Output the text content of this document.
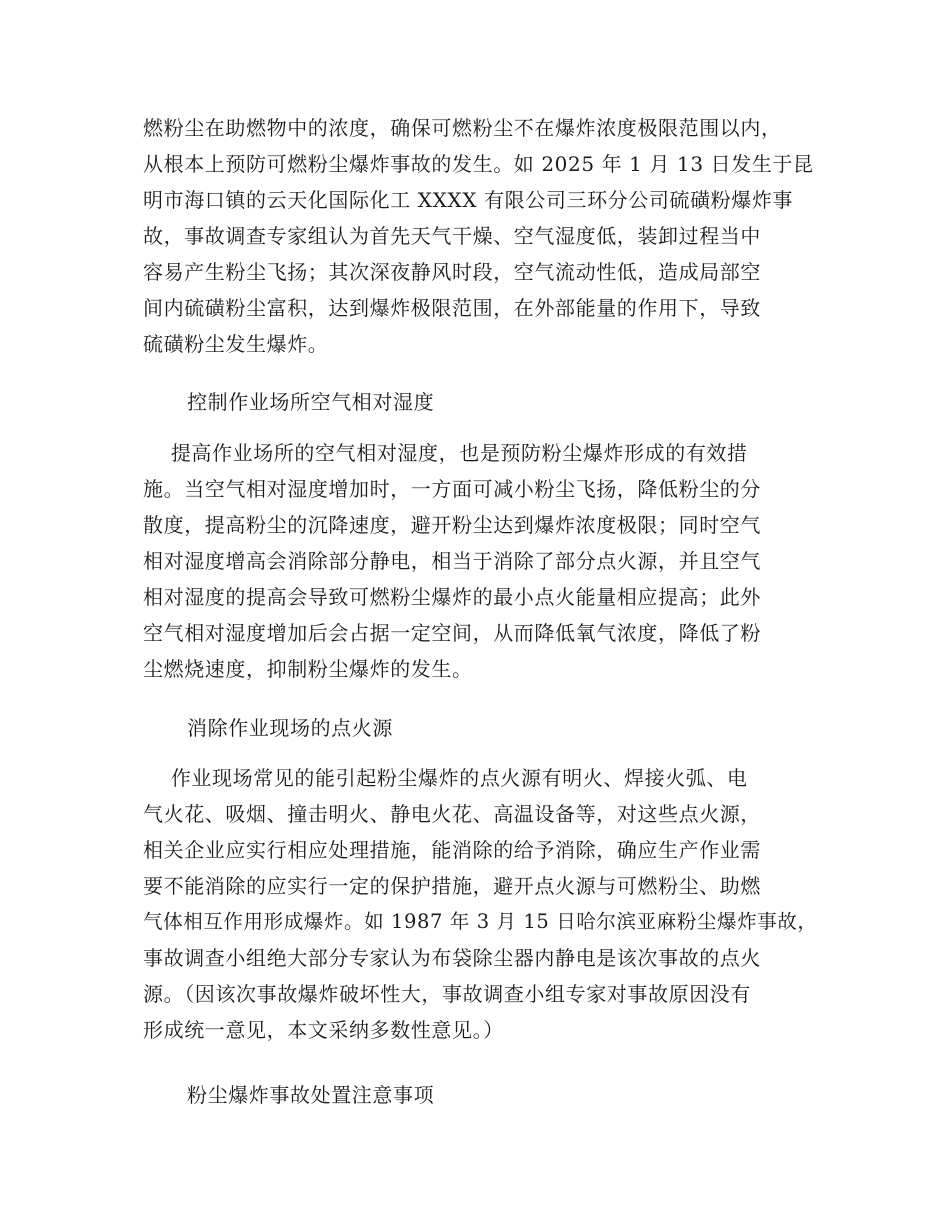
燃粉尘在助燃物中的浓度，确保可燃粉尘不在爆炸浓度极限范围以内，
从根本上预防可燃粉尘爆炸事故的发生。如 2025 年 1 月 13 日发生于昆
明市海口镇的云天化国际化工 XXXX 有限公司三环分公司硫磺粉爆炸事
故，事故调查专家组认为首先天气干燥、空气湿度低，装卸过程当中
容易产生粉尘飞扬；其次深夜静风时段，空气流动性低，造成局部空
间内硫磺粉尘富积，达到爆炸极限范围，在外部能量的作用下，导致
硫磺粉尘发生爆炸。
控制作业场所空气相对湿度
提高作业场所的空气相对湿度，也是预防粉尘爆炸形成的有效措
施。当空气相对湿度增加时，一方面可减小粉尘飞扬，降低粉尘的分
散度，提高粉尘的沉降速度，避开粉尘达到爆炸浓度极限；同时空气
相对湿度增高会消除部分静电，相当于消除了部分点火源，并且空气
相对湿度的提高会导致可燃粉尘爆炸的最小点火能量相应提高；此外
空气相对湿度增加后会占据一定空间，从而降低氧气浓度，降低了粉
尘燃烧速度，抑制粉尘爆炸的发生。
消除作业现场的点火源
作业现场常见的能引起粉尘爆炸的点火源有明火、焊接火弧、电
气火花、吸烟、撞击明火、静电火花、高温设备等，对这些点火源，
相关企业应实行相应处理措施，能消除的给予消除，确应生产作业需
要不能消除的应实行一定的保护措施，避开点火源与可燃粉尘、助燃
气体相互作用形成爆炸。如 1987 年 3 月 15 日哈尔滨亚麻粉尘爆炸事故，
事故调查小组绝大部分专家认为布袋除尘器内静电是该次事故的点火
源。（因该次事故爆炸破坏性大，事故调查小组专家对事故原因没有
形成统一意见，本文采纳多数性意见。）
粉尘爆炸事故处置注意事项
